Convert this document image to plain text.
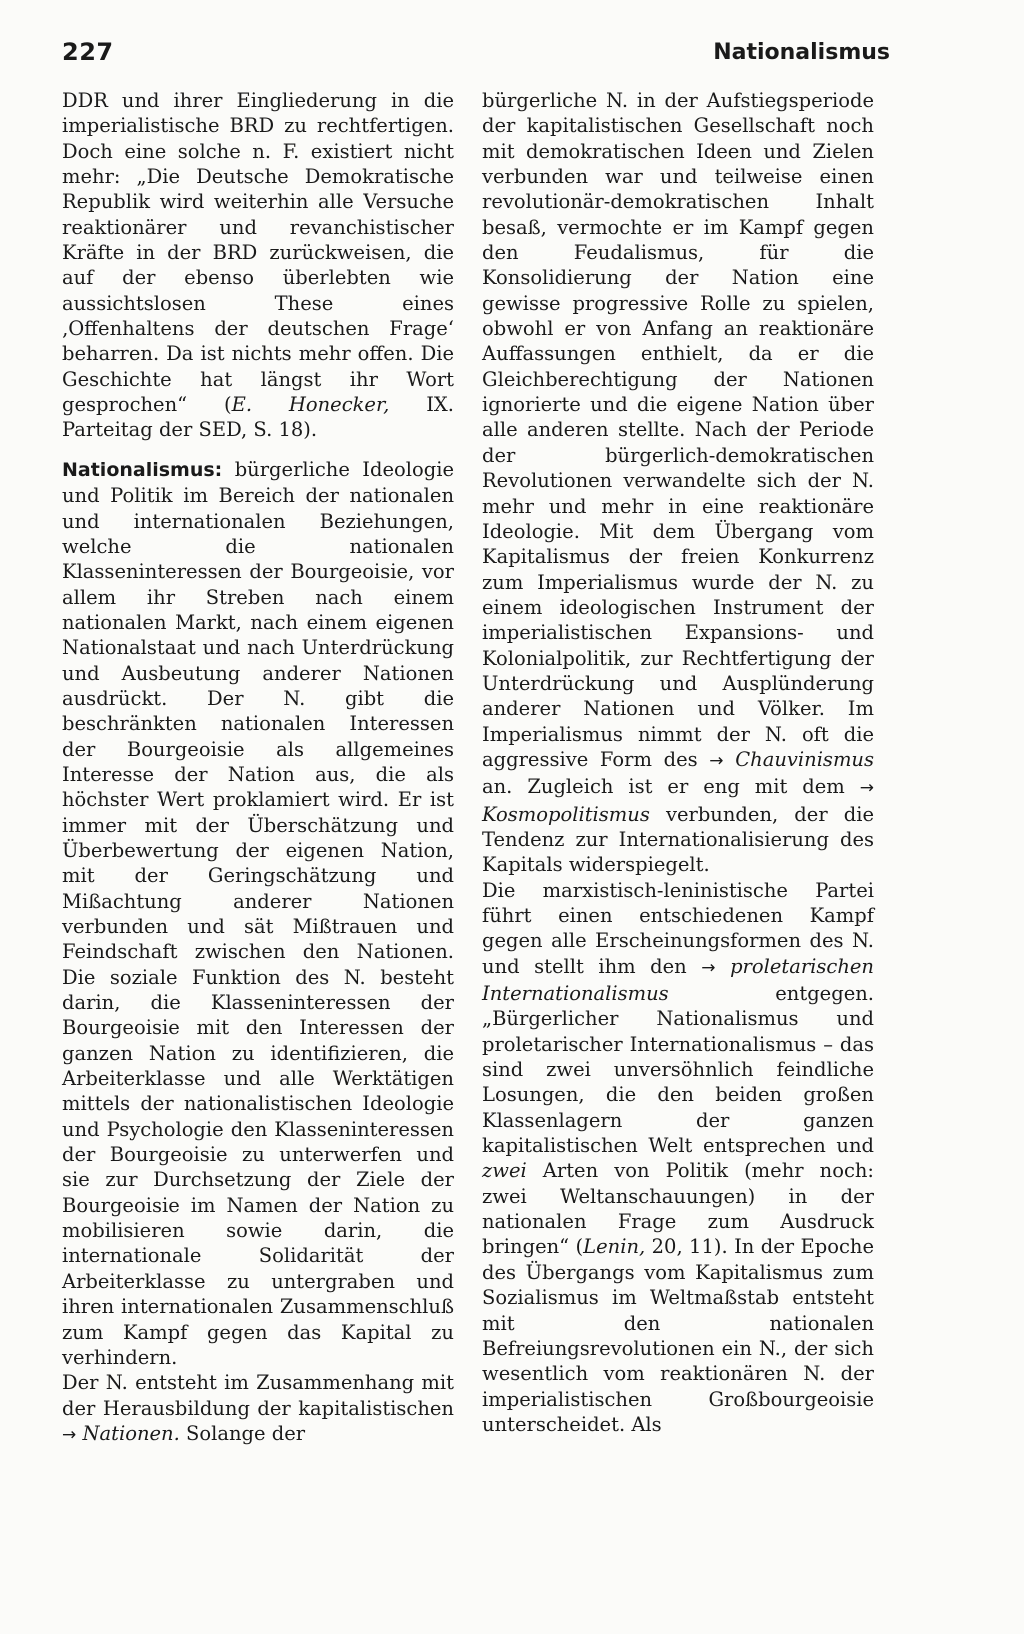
227	Nationalismus

DDR und ihrer Eingliederung in die imperialistische BRD zu rechtfertigen. Doch eine solche n. F. existiert nicht mehr: „Die Deutsche Demokratische Republik wird weiterhin alle Versuche reaktionärer und revanchistischer Kräfte in der BRD zurückweisen, die auf der ebenso überlebten wie aussichtslosen These eines ‚Offenhaltens der deutschen Frage‘ beharren. Da ist nichts mehr offen. Die Geschichte hat längst ihr Wort gesprochen“ (E. Honecker, IX. Parteitag der SED, S. 18).

Nationalismus: bürgerliche Ideologie und Politik im Bereich der nationalen und internationalen Beziehungen, welche die nationalen Klasseninteressen der Bourgeoisie, vor allem ihr Streben nach einem nationalen Markt, nach einem eigenen Nationalstaat und nach Unterdrückung und Ausbeutung anderer Nationen ausdrückt. Der N. gibt die beschränkten nationalen Interessen der Bourgeoisie als allgemeines Interesse der Nation aus, die als höchster Wert proklamiert wird. Er ist immer mit der Überschätzung und Überbewertung der eigenen Nation, mit der Geringschätzung und Mißachtung anderer Nationen verbunden und sät Mißtrauen und Feindschaft zwischen den Nationen. Die soziale Funktion des N. besteht darin, die Klasseninteressen der Bourgeoisie mit den Interessen der ganzen Nation zu identifizieren, die Arbeiterklasse und alle Werktätigen mittels der nationalistischen Ideologie und Psychologie den Klasseninteressen der Bourgeoisie zu unterwerfen und sie zur Durchsetzung der Ziele der Bourgeoisie im Namen der Nation zu mobilisieren sowie darin, die internationale Solidarität der Arbeiterklasse zu untergraben und ihren internationalen Zusammenschluß zum Kampf gegen das Kapital zu verhindern.

Der N. entsteht im Zusammenhang mit der Herausbildung der kapitalistischen → Nationen. Solange der

bürgerliche N. in der Aufstiegsperiode der kapitalistischen Gesellschaft noch mit demokratischen Ideen und Zielen verbunden war und teilweise einen revolutionär-demokratischen Inhalt besaß, vermochte er im Kampf gegen den Feudalismus, für die Konsolidierung der Nation eine gewisse progressive Rolle zu spielen, obwohl er von Anfang an reaktionäre Auffassungen enthielt, da er die Gleichberechtigung der Nationen ignorierte und die eigene Nation über alle anderen stellte. Nach der Periode der bürgerlich-demokratischen Revolutionen verwandelte sich der N. mehr und mehr in eine reaktionäre Ideologie. Mit dem Übergang vom Kapitalismus der freien Konkurrenz zum Imperialismus wurde der N. zu einem ideologischen Instrument der imperialistischen Expansions- und Kolonialpolitik, zur Rechtfertigung der Unterdrückung und Ausplünderung anderer Nationen und Völker. Im Imperialismus nimmt der N. oft die aggressive Form des → Chauvinismus an. Zugleich ist er eng mit dem → Kosmopolitismus verbunden, der die Tendenz zur Internationalisierung des Kapitals widerspiegelt.

Die marxistisch-leninistische Partei führt einen entschiedenen Kampf gegen alle Erscheinungsformen des N. und stellt ihm den → proletarischen Internationalismus entgegen. „Bürgerlicher Nationalismus und proletarischer Internationalismus – das sind zwei unversöhnlich feindliche Losungen, die den beiden großen Klassenlagern der ganzen kapitalistischen Welt entsprechen und zwei Arten von Politik (mehr noch: zwei Weltanschauungen) in der nationalen Frage zum Ausdruck bringen“ (Lenin, 20, 11). In der Epoche des Übergangs vom Kapitalismus zum Sozialismus im Weltmaßstab entsteht mit den nationalen Befreiungsrevolutionen ein N., der sich wesentlich vom reaktionären N. der imperialistischen Großbourgeoisie unterscheidet. Als
